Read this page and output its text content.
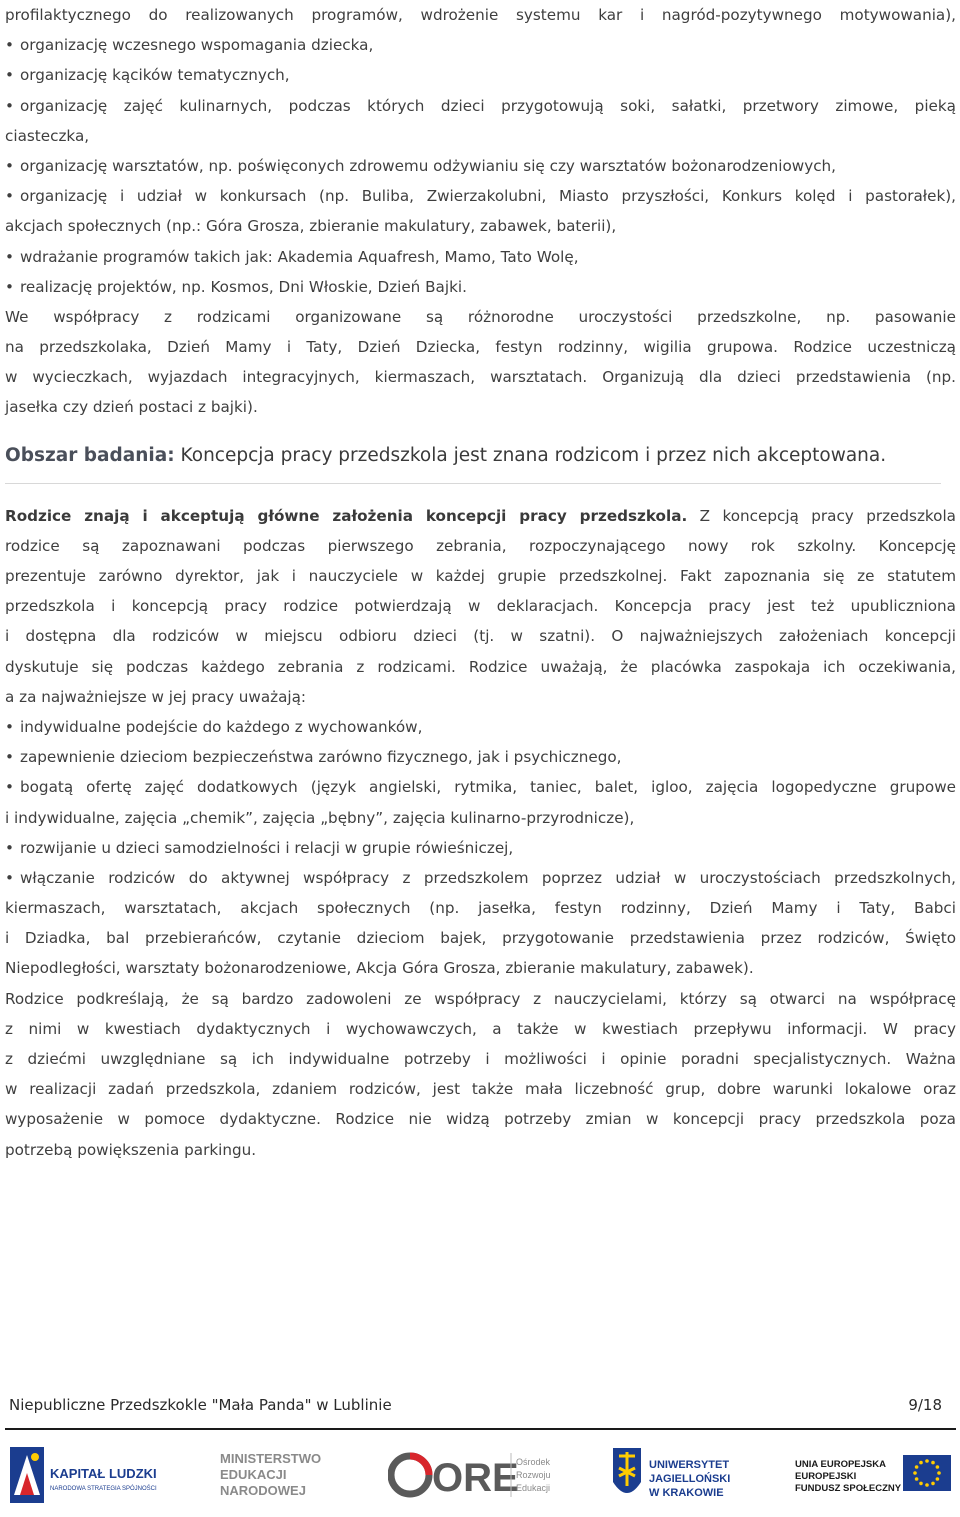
profilaktycznego do realizowanych programów, wdrożenie systemu kar i nagród-pozytywnego motywowania),
• organizację wczesnego wspomagania dziecka,
• organizację kącików tematycznych,
• organizację zajęć kulinarnych, podczas których dzieci przygotowują soki, sałatki, przetwory zimowe, pieką
ciasteczka,
• organizację warsztatów, np. poświęconych zdrowemu odżywianiu się czy warsztatów bożonarodzeniowych,
• organizację i udział w konkursach (np. Buliba, Zwierzakolubni, Miasto przyszłości, Konkurs kolęd i pastorałek),
akcjach społecznych (np.: Góra Grosza, zbieranie makulatury, zabawek, baterii),
• wdrażanie programów takich jak: Akademia Aquafresh, Mamo, Tato Wolę,
• realizację projektów, np. Kosmos, Dni Włoskie, Dzień Bajki.
We współpracy z rodzicami organizowane są różnorodne uroczystości przedszkolne, np. pasowanie
na przedszkolaka, Dzień Mamy i Taty, Dzień Dziecka, festyn rodzinny, wigilia grupowa. Rodzice uczestniczą
w wycieczkach, wyjazdach integracyjnych, kiermaszach, warsztatach. Organizują dla dzieci przedstawienia (np.
jasełka czy dzień postaci z bajki).
Obszar badania: Koncepcja pracy przedszkola jest znana rodzicom i przez nich akceptowana.
Rodzice znają i akceptują główne założenia koncepcji pracy przedszkola. Z koncepcją pracy przedszkola
rodzice są zapoznawani podczas pierwszego zebrania, rozpoczynającego nowy rok szkolny. Koncepcję
prezentuje zarówno dyrektor, jak i nauczyciele w każdej grupie przedszkolnej. Fakt zapoznania się ze statutem
przedszkola i koncepcją pracy rodzice potwierdzają w deklaracjach. Koncepcja pracy jest też upubliczniona
i dostępna dla rodziców w miejscu odbioru dzieci (tj. w szatni). O najważniejszych założeniach koncepcji
dyskutuje się podczas każdego zebrania z rodzicami. Rodzice uważają, że placówka zaspokaja ich oczekiwania,
a za najważniejsze w jej pracy uważają:
• indywidualne podejście do każdego z wychowanków,
• zapewnienie dzieciom bezpieczeństwa zarówno fizycznego, jak i psychicznego,
• bogatą ofertę zajęć dodatkowych (język angielski, rytmika, taniec, balet, igloo, zajęcia logopedyczne grupowe
i indywidualne, zajęcia „chemik”, zajęcia „bębny”, zajęcia kulinarno-przyrodnicze),
• rozwijanie u dzieci samodzielności i relacji w grupie rówieśniczej,
• włączanie rodziców do aktywnej współpracy z przedszkolem poprzez udział w uroczystościach przedszkolnych,
kiermaszach, warsztatach, akcjach społecznych (np. jasełka, festyn rodzinny, Dzień Mamy i Taty, Babci
i Dziadka, bal przebierańców, czytanie dzieciom bajek, przygotowanie przedstawienia przez rodziców, Święto
Niepodległości, warsztaty bożonarodzeniowe, Akcja Góra Grosza, zbieranie makulatury, zabawek).
Rodzice podkreślają, że są bardzo zadowoleni ze współpracy z nauczycielami, którzy są otwarci na współpracę
z nimi w kwestiach dydaktycznych i wychowawczych, a także w kwestiach przepływu informacji. W pracy
z dziećmi uwzględniane są ich indywidualne potrzeby i możliwości i opinie poradni specjalistycznych. Ważna
w realizacji zadań przedszkola, zdaniem rodziców, jest także mała liczebność grup, dobre warunki lokalowe oraz
wyposażenie w pomoce dydaktyczne. Rodzice nie widzą potrzeby zmian w koncepcji pracy przedszkola poza
potrzebą powiększenia parkingu.
Niepubliczne Przedszkokle "Mała Panda" w Lublinie	9/18
KAPITAŁ LUDZKI
NARODOWA STRATEGIA SPÓJNOŚCI
MINISTERSTWO
EDUKACJI
NARODOWEJ	ORE
Ośrodek
Rozwoju
Edukacji
UNIWERSYTET
JAGIELLOŃSKI
W KRAKOWIE
UNIA EUROPEJSKA
EUROPEJSKI
FUNDUSZ SPOŁECZNY
